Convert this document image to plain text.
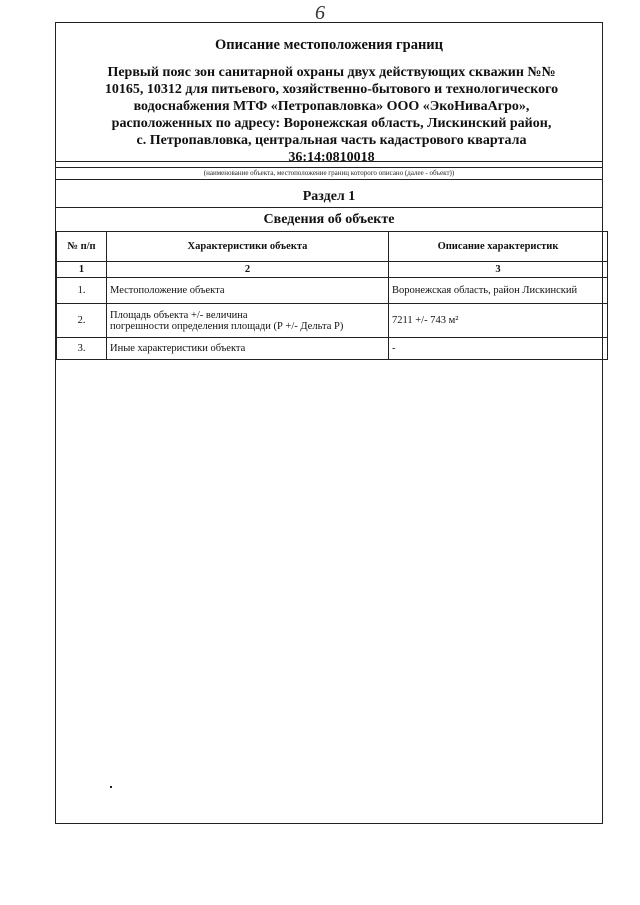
6
Описание местоположения границ
Первый пояс зон санитарной охраны двух действующих скважин №№
10165, 10312 для питьевого, хозяйственно-бытового и технологического
водоснабжения МТФ «Петропавловка» ООО «ЭкоНиваАгро»,
расположенных по адресу: Воронежская область, Лискинский район,
с. Петропавловка, центральная часть кадастрового квартала
36:14:0810018
(наименование объекта, местоположение границ которого описано (далее - объект))
Раздел 1
Сведения об объекте
№ п/п	Характеристики объекта	Описание характеристик
1	2	3
1.	Местоположение объекта	Воронежская область, район Лискинский
2.	Площадь объекта +/- величина
погрешности определения площади (Р +/- Дельта Р)	7211 +/- 743 м²
3.	Иные характеристики объекта	-
